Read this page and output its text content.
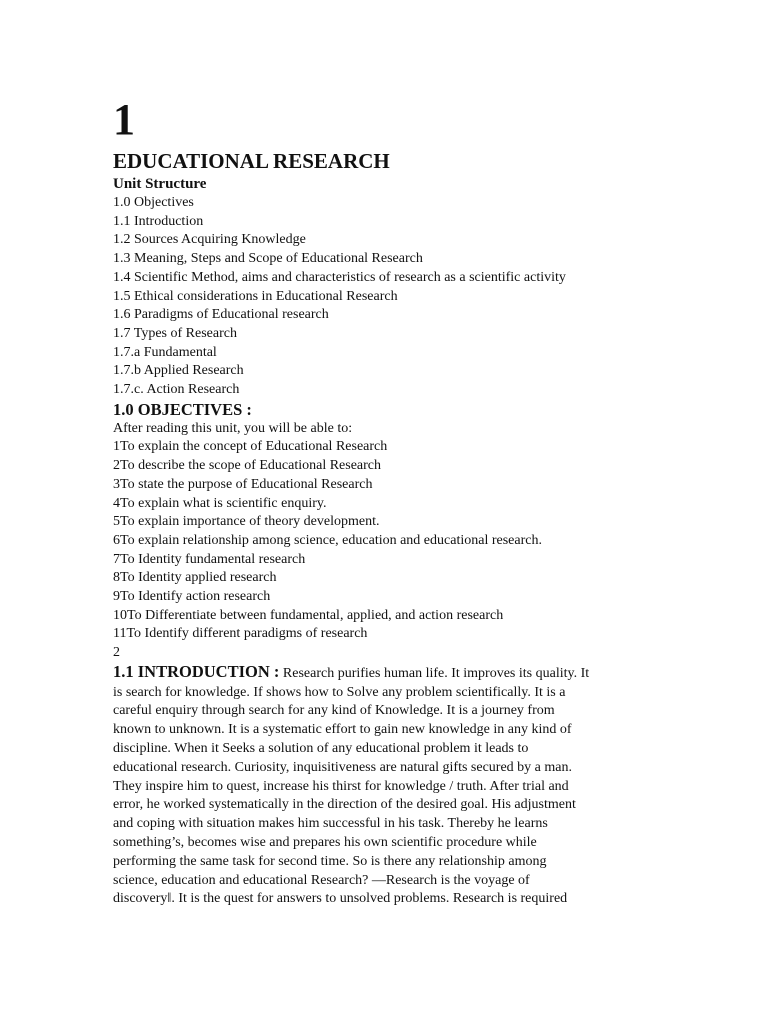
1
EDUCATIONAL RESEARCH
Unit Structure
1.0 Objectives
1.1 Introduction
1.2 Sources Acquiring Knowledge
1.3 Meaning, Steps and Scope of Educational Research
1.4 Scientific Method, aims and characteristics of research as a scientific activity
1.5 Ethical considerations in Educational Research
1.6 Paradigms of Educational research
1.7 Types of Research
1.7.a Fundamental
1.7.b Applied Research
1.7.c. Action Research
1.0 OBJECTIVES :
After reading this unit, you will be able to:
1To explain the concept of Educational Research
2To describe the scope of Educational Research
3To state the purpose of Educational Research
4To explain what is scientific enquiry.
5To explain importance of theory development.
6To explain relationship among science, education and educational research.
7To Identity fundamental research
8To Identity applied research
9To Identify action research
10To Differentiate between fundamental, applied, and action research
11To Identify different paradigms of research
2
1.1 INTRODUCTION : Research purifies human life. It improves its quality. It
is search for knowledge. If shows how to Solve any problem scientifically. It is a
careful enquiry through search for any kind of Knowledge. It is a journey from
known to unknown. It is a systematic effort to gain new knowledge in any kind of
discipline. When it Seeks a solution of any educational problem it leads to
educational research. Curiosity, inquisitiveness are natural gifts secured by a man.
They inspire him to quest, increase his thirst for knowledge / truth. After trial and
error, he worked systematically in the direction of the desired goal. His adjustment
and coping with situation makes him successful in his task. Thereby he learns
something’s, becomes wise and prepares his own scientific procedure while
performing the same task for second time. So is there any relationship among
science, education and educational Research? ―Research is the voyage of
discovery‖. It is the quest for answers to unsolved problems. Research is required
